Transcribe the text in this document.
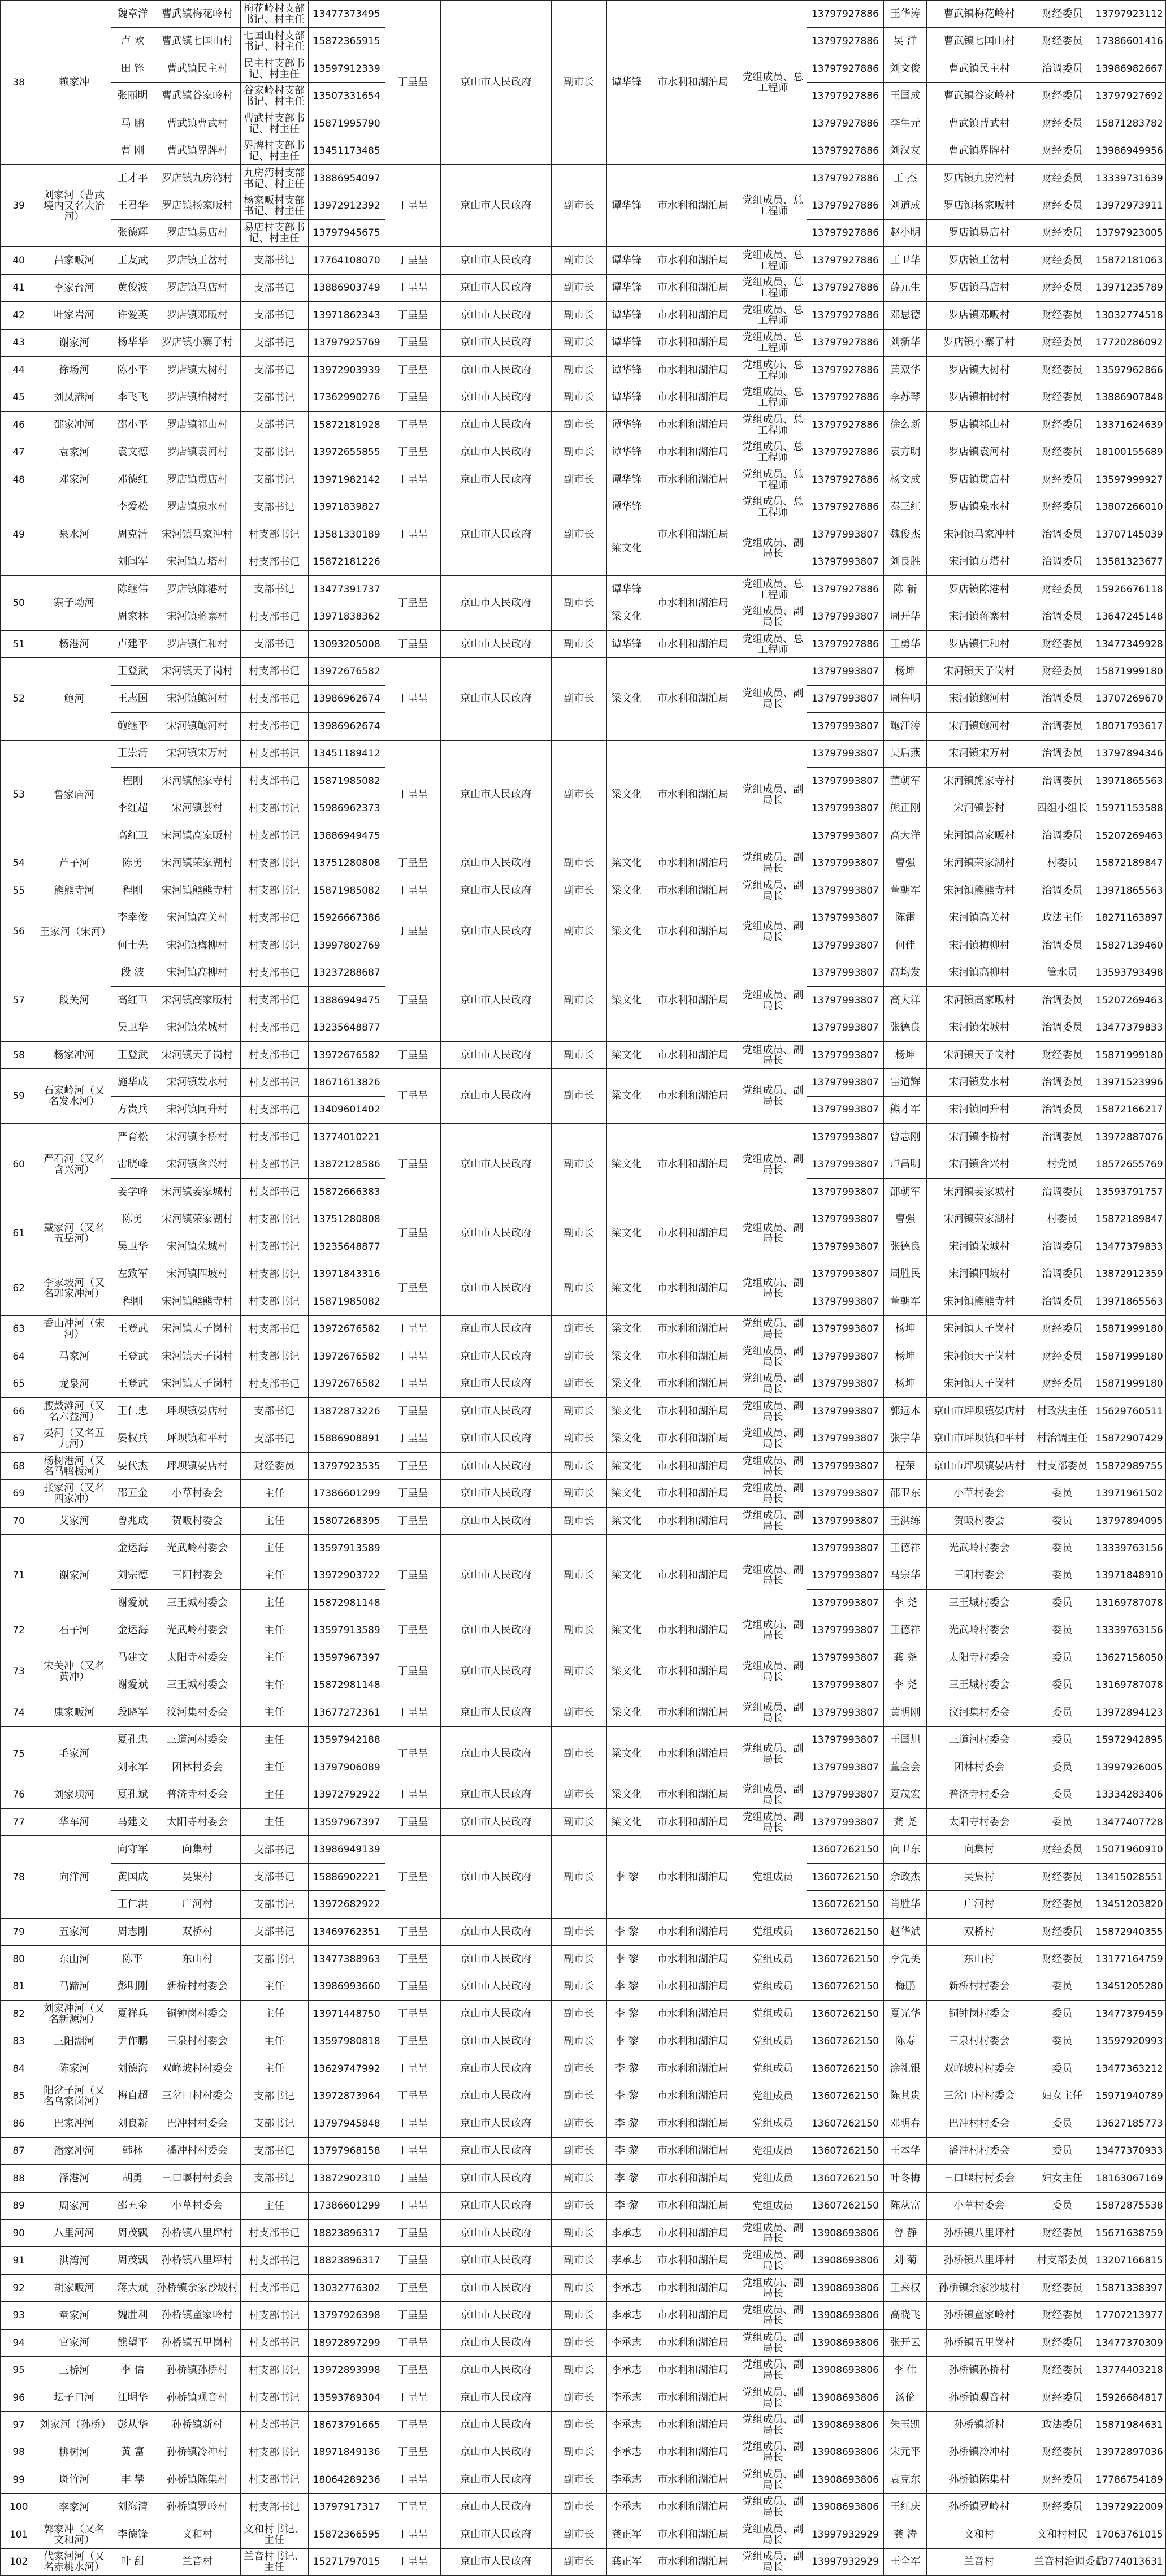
38	赖家冲	魏章洋	曹武镇梅花岭村	梅花岭村支部书记、村主任	13477373495	丁呈呈	京山市人民政府	副市长	谭华锋	市水利和湖泊局	党组成员、总工程师	13797927886	王华涛	曹武镇梅花岭村	财经委员	13797923112
		卢 欢	曹武镇七国山村	七国山村支部书记、村主任	15872365915							13797927886	吴 洋	曹武镇七国山村	财经委员	17386601416
		田 锋	曹武镇民主村	民主村支部书记、村主任	13597912339							13797927886	刘文俊	曹武镇民主村	治调委员	13986982667
		张丽明	曹武镇谷家岭村	谷家岭村支部书记、村主任	13507331654							13797927886	王国成	曹武镇谷家岭村	财经委员	13797927692
		马 鹏	曹武镇曹武村	曹武村支部书记、村主任	15871995790							13797927886	李生元	曹武镇曹武村	财经委员	15871283782
		曹 刚	曹武镇界牌村	界牌村支部书记、村主任	13451173485							13797927886	刘汉友	曹武镇界牌村	财经委员	13986949956
39	刘家河（曹武境内又名大冶河）	王才平	罗店镇九房湾村	九房湾村支部书记、村主任	13886954097	丁呈呈	京山市人民政府	副市长	谭华锋	市水利和湖泊局	党组成员、总工程师	13797927886	王 杰	罗店镇九房湾村	财经委员	13339731639
		王君华	罗店镇杨家畈村	杨家畈村支部书记、村主任	13972912392							13797927886	刘道成	罗店镇杨家畈村	财经委员	13972973911
		张德辉	罗店镇易店村	易店村支部书记、村主任	13797945675							13797927886	赵小明	罗店镇易店村	财经委员	13797923005
40	吕家畈河	王友武	罗店镇王岔村	支部书记	17764108070	丁呈呈	京山市人民政府	副市长	谭华锋	市水利和湖泊局	党组成员、总工程师	13797927886	王卫华	罗店镇王岔村	财经委员	15872181063
41	李家台河	黄俊波	罗店镇马店村	支部书记	13886903749	丁呈呈	京山市人民政府	副市长	谭华锋	市水利和湖泊局	党组成员、总工程师	13797927886	薛元生	罗店镇马店村	财经委员	13971235789
42	叶家岩河	许爱英	罗店镇邓畈村	支部书记	13971862343	丁呈呈	京山市人民政府	副市长	谭华锋	市水利和湖泊局	党组成员、总工程师	13797927886	邓思德	罗店镇邓畈村	财经委员	13032774518
43	谢家河	杨华华	罗店镇小寨子村	支部书记	13797925769	丁呈呈	京山市人民政府	副市长	谭华锋	市水利和湖泊局	党组成员、总工程师	13797927886	刘新华	罗店镇小寨子村	财经委员	17720286092
44	徐场河	陈小平	罗店镇大树村	支部书记	13972903939	丁呈呈	京山市人民政府	副市长	谭华锋	市水利和湖泊局	党组成员、总工程师	13797927886	黄双华	罗店镇大树村	财经委员	13597962866
45	刘凤港河	李飞飞	罗店镇柏树村	支部书记	17362990276	丁呈呈	京山市人民政府	副市长	谭华锋	市水利和湖泊局	党组成员、总工程师	13797927886	李苏琴	罗店镇柏树村	财经委员	13886907848
46	邵家冲河	邵小平	罗店镇祁山村	支部书记	15872181928	丁呈呈	京山市人民政府	副市长	谭华锋	市水利和湖泊局	党组成员、总工程师	13797927886	徐么新	罗店镇祁山村	财经委员	13371624639
47	袁家河	袁文德	罗店镇袁河村	支部书记	13972655855	丁呈呈	京山市人民政府	副市长	谭华锋	市水利和湖泊局	党组成员、总工程师	13797927886	袁方明	罗店镇袁河村	财经委员	18100155689
48	邓家河	邓德红	罗店镇贯店村	支部书记	13971982142	丁呈呈	京山市人民政府	副市长	谭华锋	市水利和湖泊局	党组成员、总工程师	13797927886	杨文成	罗店镇贯店村	财经委员	13597999927
49	泉水河	李爱松	罗店镇泉水村	支部书记	13971839827	丁呈呈	京山市人民政府	副市长	谭华锋	市水利和湖泊局	党组成员、总工程师	13797927886	秦三红	罗店镇泉水村	财经委员	13807266010
		周克清	宋河镇马家冲村	村支部书记	13581330189				梁文化		党组成员、副局长	13797993807	魏俊杰	宋河镇马家冲村	治调委员	13707145039
		刘闫军	宋河镇万塔村	村支部书记	15872181226							13797993807	刘良胜	宋河镇万塔村	治调委员	13581323677
50	寨子坳河	陈继伟	罗店镇陈港村	支部书记	13477391737	丁呈呈	京山市人民政府	副市长	谭华锋	市水利和湖泊局	党组成员、总工程师	13797927886	陈 新	罗店镇陈港村	财经委员	15926676118
		周家林	宋河镇蒋寨村	村支部书记	13971838362				梁文化		党组成员、副局长	13797993807	周开华	宋河镇蒋寨村	治调委员	13647245148
51	杨港河	卢建平	罗店镇仁和村	支部书记	13093205008	丁呈呈	京山市人民政府	副市长	谭华锋	市水利和湖泊局	党组成员、总工程师	13797927886	王勇华	罗店镇仁和村	财经委员	13477349928
52	鲍河	王登武	宋河镇天子岗村	村支部书记	13972676582	丁呈呈	京山市人民政府	副市长	梁文化	市水利和湖泊局	党组成员、副局长	13797993807	杨坤	宋河镇天子岗村	财经委员	15871999180
		王志国	宋河镇鲍河村	村支部书记	13986962674							13797993807	周鲁明	宋河镇鲍河村	治调委员	13707269670
		鲍继平	宋河镇鲍河村	村支部书记	13986962674							13797993807	鲍江涛	宋河镇鲍河村	治调委员	18071793617
53	鲁家庙河	王崇清	宋河镇宋万村	村支部书记	13451189412	丁呈呈	京山市人民政府	副市长	梁文化	市水利和湖泊局	党组成员、副局长	13797993807	吴后燕	宋河镇宋万村	治调委员	13797894346
		程刚	宋河镇熊家寺村	村支部书记	15871985082							13797993807	董朝军	宋河镇熊家寺村	治调委员	13971865563
		李红超	宋河镇荟村	村支部书记	15986962373							13797993807	熊正刚	宋河镇荟村	四组小组长	15971153588
		高红卫	宋河镇高家畈村	村支部书记	13886949475							13797993807	高大洋	宋河镇高家畈村	治调委员	15207269463
54	芦子河	陈勇	宋河镇荣家湖村	村支部书记	13751280808	丁呈呈	京山市人民政府	副市长	梁文化	市水利和湖泊局	党组成员、副局长	13797993807	曹强	宋河镇荣家湖村	村委员	15872189847
55	熊熊寺河	程刚	宋河镇熊熊寺村	村支部书记	15871985082	丁呈呈	京山市人民政府	副市长	梁文化	市水利和湖泊局	党组成员、副局长	13797993807	董朝军	宋河镇熊熊寺村	治调委员	13971865563
56	王家河（宋河）	李幸俊	宋河镇高关村	村支部书记	15926667386	丁呈呈	京山市人民政府	副市长	梁文化	市水利和湖泊局	党组成员、副局长	13797993807	陈雷	宋河镇高关村	政法主任	18271163897
		何士先	宋河镇梅柳村	村支部书记	13997802769							13797993807	何佳	宋河镇梅柳村	治调委员	15827139460
57	段关河	段 波	宋河镇高柳村	村支部书记	13237288687	丁呈呈	京山市人民政府	副市长	梁文化	市水利和湖泊局	党组成员、副局长	13797993807	高均发	宋河镇高柳村	管水员	13593793498
		高红卫	宋河镇高家畈村	村支部书记	13886949475							13797993807	高大洋	宋河镇高家畈村	治调委员	15207269463
		吴卫华	宋河镇荣城村	村支部书记	13235648877							13797993807	张德良	宋河镇荣城村	治调委员	13477379833
58	杨家冲河	王登武	宋河镇天子岗村	村支部书记	13972676582	丁呈呈	京山市人民政府	副市长	梁文化	市水利和湖泊局	党组成员、副局长	13797993807	杨坤	宋河镇天子岗村	财经委员	15871999180
59	石家岭河（又名发水河）	施华成	宋河镇发水村	村支部书记	18671613826	丁呈呈	京山市人民政府	副市长	梁文化	市水利和湖泊局	党组成员、副局长	13797993807	雷道辉	宋河镇发水村	治调委员	13971523996
		方贵兵	宋河镇同升村	村支部书记	13409601402							13797993807	熊才军	宋河镇同升村	治调委员	15872166217
60	严石河（又名含兴河）	严育松	宋河镇李桥村	村支部书记	13774010221	丁呈呈	京山市人民政府	副市长	梁文化	市水利和湖泊局	党组成员、副局长	13797993807	曾志刚	宋河镇李桥村	治调委员	13972887076
		雷晓峰	宋河镇含兴村	村支部书记	13872128586							13797993807	卢昌明	宋河镇含兴村	村党员	18572655769
		姜学峰	宋河镇姜家城村	村支部书记	15872666383							13797993807	邵朝军	宋河镇姜家城村	治调委员	13593791757
61	戴家河（又名五岳河）	陈勇	宋河镇荣家湖村	村支部书记	13751280808	丁呈呈	京山市人民政府	副市长	梁文化	市水利和湖泊局	党组成员、副局长	13797993807	曹强	宋河镇荣家湖村	村委员	15872189847
		吴卫华	宋河镇荣城村	村支部书记	13235648877							13797993807	张德良	宋河镇荣城村	治调委员	13477379833
62	李家坡河（又名郭家冲河）	左致军	宋河镇四坡村	村支部书记	13971843316	丁呈呈	京山市人民政府	副市长	梁文化	市水利和湖泊局	党组成员、副局长	13797993807	周胜民	宋河镇四坡村	治调委员	13872912359
		程刚	宋河镇熊熊寺村	村支部书记	15871985082							13797993807	董朝军	宋河镇熊熊寺村	治调委员	13971865563
63	香山冲河（宋河）	王登武	宋河镇天子岗村	村支部书记	13972676582	丁呈呈	京山市人民政府	副市长	梁文化	市水利和湖泊局	党组成员、副局长	13797993807	杨坤	宋河镇天子岗村	财经委员	15871999180
64	马家河	王登武	宋河镇天子岗村	村支部书记	13972676582	丁呈呈	京山市人民政府	副市长	梁文化	市水利和湖泊局	党组成员、副局长	13797993807	杨坤	宋河镇天子岗村	财经委员	15871999180
65	龙泉河	王登武	宋河镇天子岗村	村支部书记	13972676582	丁呈呈	京山市人民政府	副市长	梁文化	市水利和湖泊局	党组成员、副局长	13797993807	杨坤	宋河镇天子岗村	财经委员	15871999180
66	腰鼓滩河（又名六益河）	王仁忠	坪坝镇晏店村	支部书记	13872873226	丁呈呈	京山市人民政府	副市长	梁文化	市水利和湖泊局	党组成员、副局长	13797993807	郭远本	京山市坪坝镇晏店村	村政法主任	15629760511
67	晏河（又名五九河）	晏权兵	坪坝镇和平村	支部书记	15886908891	丁呈呈	京山市人民政府	副市长	梁文化	市水利和湖泊局	党组成员、副局长	13797993807	张宇华	京山市坪坝镇和平村	村治调主任	15872907429
68	杨树港河（又名马鸭板河）	晏代杰	坪坝镇晏店村	财经委员	13797923535	丁呈呈	京山市人民政府	副市长	梁文化	市水利和湖泊局	党组成员、副局长	13797993807	程荣	京山市坪坝镇晏店村	村支部委员	15872989755
69	张家河（又名四家冲）	邵五金	小草村委会	主任	17386601299	丁呈呈	京山市人民政府	副市长	梁文化	市水利和湖泊局	党组成员、副局长	13797993807	邵卫东	小草村委会	委员	13971961502
70	艾家河	曾兆成	贺畈村委会	主任	15807268395	丁呈呈	京山市人民政府	副市长	梁文化	市水利和湖泊局	党组成员、副局长	13797993807	王洪练	贺畈村委会	委员	13797894095
71	谢家河	金运海	光武岭村委会	主任	13597913589	丁呈呈	京山市人民政府	副市长	梁文化	市水利和湖泊局	党组成员、副局长	13797993807	王德祥	光武岭村委会	委员	13339763156
		刘宗德	三阳村委会	主任	13972903722							13797993807	马宗华	三阳村委会	委员	13971848910
		谢爱斌	三王城村委会	主任	15872981148							13797993807	李 尧	三王城村委会	委员	13169787078
72	石子河	金运海	光武岭村委会	主任	13597913589	丁呈呈	京山市人民政府	副市长	梁文化	市水利和湖泊局	党组成员、副局长	13797993807	王德祥	光武岭村委会	委员	13339763156
73	宋关冲（又名黄冲）	马建文	太阳寺村委会	主任	13597967397	丁呈呈	京山市人民政府	副市长	梁文化	市水利和湖泊局	党组成员、副局长	13797993807	龚 尧	太阳寺村委会	委员	13627158050
		谢爱斌	三王城村委会	主任	15872981148							13797993807	李 尧	三王城村委会	委员	13169787078
74	康家畈河	段晓军	汶河集村委会	主任	13677272361	丁呈呈	京山市人民政府	副市长	梁文化	市水利和湖泊局	党组成员、副局长	13797993807	黄明刚	汶河集村委会	委员	13972894123
75	毛家河	夏孔忠	三道河村委会	主任	13597942188	丁呈呈	京山市人民政府	副市长	梁文化	市水利和湖泊局	党组成员、副局长	13797993807	王国旭	三道河村委会	委员	15972942895
		刘永军	团林村委会	主任	13797906089							13797993807	董金会	团林村委会	委员	13997926005
76	刘家坝河	夏孔斌	普济寺村委会	主任	13972792922	丁呈呈	京山市人民政府	副市长	梁文化	市水利和湖泊局	党组成员、副局长	13797993807	夏茂宏	普济寺村委会	委员	13334283406
77	华车河	马建文	太阳寺村委会	主任	13597967397	丁呈呈	京山市人民政府	副市长	梁文化	市水利和湖泊局	党组成员、副局长	13797993807	龚 尧	太阳寺村委会	委员	13477407728
78	向洋河	向守军	向集村	支部书记	13986949139	丁呈呈	京山市人民政府	副市长	李 黎	市水利和湖泊局	党组成员	13607262150	向卫东	向集村	财经委员	15071960910
		黄国成	吴集村	支部书记	15886902221							13607262150	余政杰	吴集村	财经委员	13415028551
		王仁洪	广河村	支部书记	13972682922							13607262150	肖胜华	广河村	财经委员	13451203820
79	五家河	周志刚	双桥村	支部书记	13469762351	丁呈呈	京山市人民政府	副市长	李 黎	市水利和湖泊局	党组成员	13607262150	赵华斌	双桥村	财经委员	15872940355
80	东山河	陈平	东山村	支部书记	13477388963	丁呈呈	京山市人民政府	副市长	李 黎	市水利和湖泊局	党组成员	13607262150	李先美	东山村	财经委员	13177164759
81	马蹄河	彭明刚	新桥村村委会	主任	13986993660	丁呈呈	京山市人民政府	副市长	李 黎	市水利和湖泊局	党组成员	13607262150	梅鹏	新桥村村委会	委员	13451205280
82	刘家冲河（又名新源河）	夏祥兵	铜钟岗村委会	主任	13971448750	丁呈呈	京山市人民政府	副市长	李 黎	市水利和湖泊局	党组成员	13607262150	夏光华	铜钟岗村委会	委员	13477379459
83	三阳湖河	尹作鹏	三泉村村委会	主任	13597980818	丁呈呈	京山市人民政府	副市长	李 黎	市水利和湖泊局	党组成员	13607262150	陈寿	三泉村村委会	委员	13597920993
84	陈家河	刘德海	双峰坡村村委会	主任	13629747992	丁呈呈	京山市人民政府	副市长	李 黎	市水利和湖泊局	党组成员	13607262150	涂礼银	双峰坡村村委会	委员	13477363212
85	阳岔子河（又名乌家岗河）	梅自超	三岔口村村委会	支部书记	13972873964	丁呈呈	京山市人民政府	副市长	李 黎	市水利和湖泊局	党组成员	13607262150	陈其贵	三岔口村村委会	妇女主任	15971940789
86	巴家冲河	刘良新	巴冲村村委会	支部书记	13797945848	丁呈呈	京山市人民政府	副市长	李 黎	市水利和湖泊局	党组成员	13607262150	邓明春	巴冲村村委会	委员	13627185773
87	潘家冲河	韩林	潘冲村村委会	支部书记	13797968158	丁呈呈	京山市人民政府	副市长	李 黎	市水利和湖泊局	党组成员	13607262150	王本华	潘冲村村委会	委员	13477370933
88	泽港河	胡勇	三口堰村村委会	支部书记	13872902310	丁呈呈	京山市人民政府	副市长	李 黎	市水利和湖泊局	党组成员	13607262150	叶冬梅	三口堰村村委会	妇女主任	18163067169
89	周家河	邵五金	小草村委会	主任	17386601299	丁呈呈	京山市人民政府	副市长	李 黎	市水利和湖泊局	党组成员	13607262150	陈从富	小草村委会	委员	15872875538
90	八里河河	周茂飘	孙桥镇八里坪村	村支部书记	18823896317	丁呈呈	京山市人民政府	副市长	李承志	市水利和湖泊局	党组成员、副局长	13908693806	曾 静	孙桥镇八里坪村	财经委员	15671638759
91	洪湾河	周茂飘	孙桥镇八里坪村	村支部书记	18823896317	丁呈呈	京山市人民政府	副市长	李承志	市水利和湖泊局	党组成员、副局长	13908693806	刘 菊	孙桥镇八里坪村	村支部委员	13207166815
92	胡家畈河	蒋大斌	孙桥镇余家沙坡村	村支部书记	13032776302	丁呈呈	京山市人民政府	副市长	李承志	市水利和湖泊局	党组成员、副局长	13908693806	王来权	孙桥镇余家沙坡村	财经委员	15871338397
93	童家河	魏胜利	孙桥镇童家岭村	村支部书记	13797926398	丁呈呈	京山市人民政府	副市长	李承志	市水利和湖泊局	党组成员、副局长	13908693806	高晓飞	孙桥镇童家岭村	财经委员	17707213977
94	官家河	熊望平	孙桥镇五里岗村	村支部书记	18972897299	丁呈呈	京山市人民政府	副市长	李承志	市水利和湖泊局	党组成员、副局长	13908693806	张开云	孙桥镇五里岗村	财经委员	13477370309
95	三桥河	李 信	孙桥镇孙桥村	村支部书记	13972893998	丁呈呈	京山市人民政府	副市长	李承志	市水利和湖泊局	党组成员、副局长	13908693806	李 伟	孙桥镇孙桥村	财经委员	13774403218
96	坛子口河	江明华	孙桥镇观音村	村支部书记	13593789304	丁呈呈	京山市人民政府	副市长	李承志	市水利和湖泊局	党组成员、副局长	13908693806	汤伦	孙桥镇观音村	财经委员	15926684817
97	刘家河（孙桥）	彭从华	孙桥镇新村	村支部书记	18673791665	丁呈呈	京山市人民政府	副市长	李承志	市水利和湖泊局	党组成员、副局长	13908693806	朱玉凯	孙桥镇新村	政法委员	15871984631
98	柳树河	黄 富	孙桥镇冷冲村	村支部书记	18971849136	丁呈呈	京山市人民政府	副市长	李承志	市水利和湖泊局	党组成员、副局长	13908693806	宋元平	孙桥镇冷冲村	财经委员	13972897036
99	斑竹河	丰 攀	孙桥镇陈集村	村支部书记	18064289236	丁呈呈	京山市人民政府	副市长	李承志	市水利和湖泊局	党组成员、副局长	13908693806	袁克东	孙桥镇陈集村	财经委员	17786754189
100	李家河	刘海清	孙桥镇罗岭村	村支部书记	13797917317	丁呈呈	京山市人民政府	副市长	李承志	市水利和湖泊局	党组成员、副局长	13908693806	王红庆	孙桥镇罗岭村	财经委员	13972922009
101	郭家冲（又名文和河）	李德锋	文和村	文和村书记、主任	15872366595	丁呈呈	京山市人民政府	副市长	龚正军	市水利和湖泊局	党组成员、副局长	13997932929	龚 涛	文和村	文和村村民	17063761015
102	代家河河（又名赤桃水河）	叶 甜	兰音村	兰音村书记、主任	15271797015	丁呈呈	京山市人民政府	副市长	龚正军	市水利和湖泊局	党组成员、副局长	13997932929	王全军	兰音村	兰音村治调委员	13774013631
